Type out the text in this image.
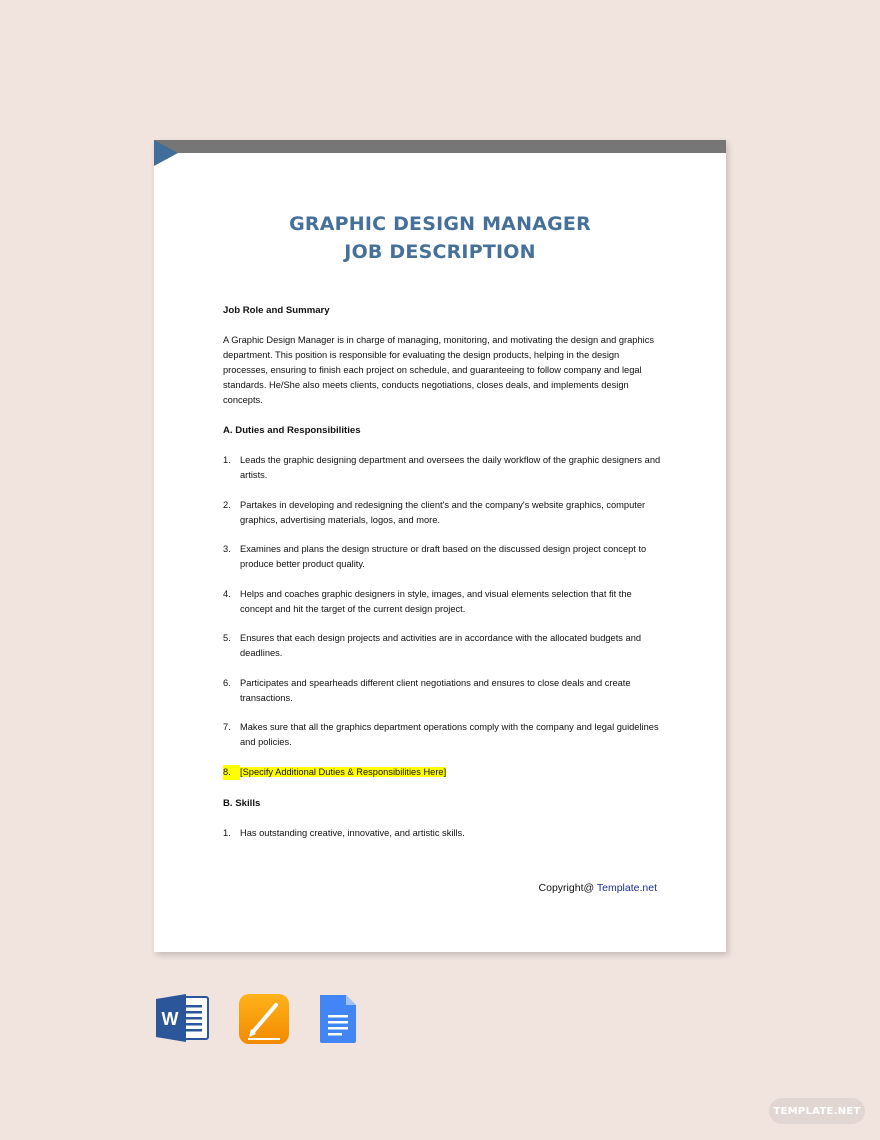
GRAPHIC DESIGN MANAGER
JOB DESCRIPTION
Job Role and Summary
A Graphic Design Manager is in charge of managing, monitoring, and motivating the design and graphics department. This position is responsible for evaluating the design products, helping in the design processes, ensuring to finish each project on schedule, and guaranteeing to follow company and legal standards. He/She also meets clients, conducts negotiations, closes deals, and implements design concepts.
A. Duties and Responsibilities
1. Leads the graphic designing department and oversees the daily workflow of the graphic designers and artists.
2. Partakes in developing and redesigning the client's and the company's website graphics, computer graphics, advertising materials, logos, and more.
3. Examines and plans the design structure or draft based on the discussed design project concept to produce better product quality.
4. Helps and coaches graphic designers in style, images, and visual elements selection that fit the concept and hit the target of the current design project.
5. Ensures that each design projects and activities are in accordance with the allocated budgets and deadlines.
6. Participates and spearheads different client negotiations and ensures to close deals and create transactions.
7. Makes sure that all the graphics department operations comply with the company and legal guidelines and policies.
8. [Specify Additional Duties & Responsibilities Here]
B. Skills
1. Has outstanding creative, innovative, and artistic skills.
Copyright@ Template.net
W
TEMPLATE.NET
